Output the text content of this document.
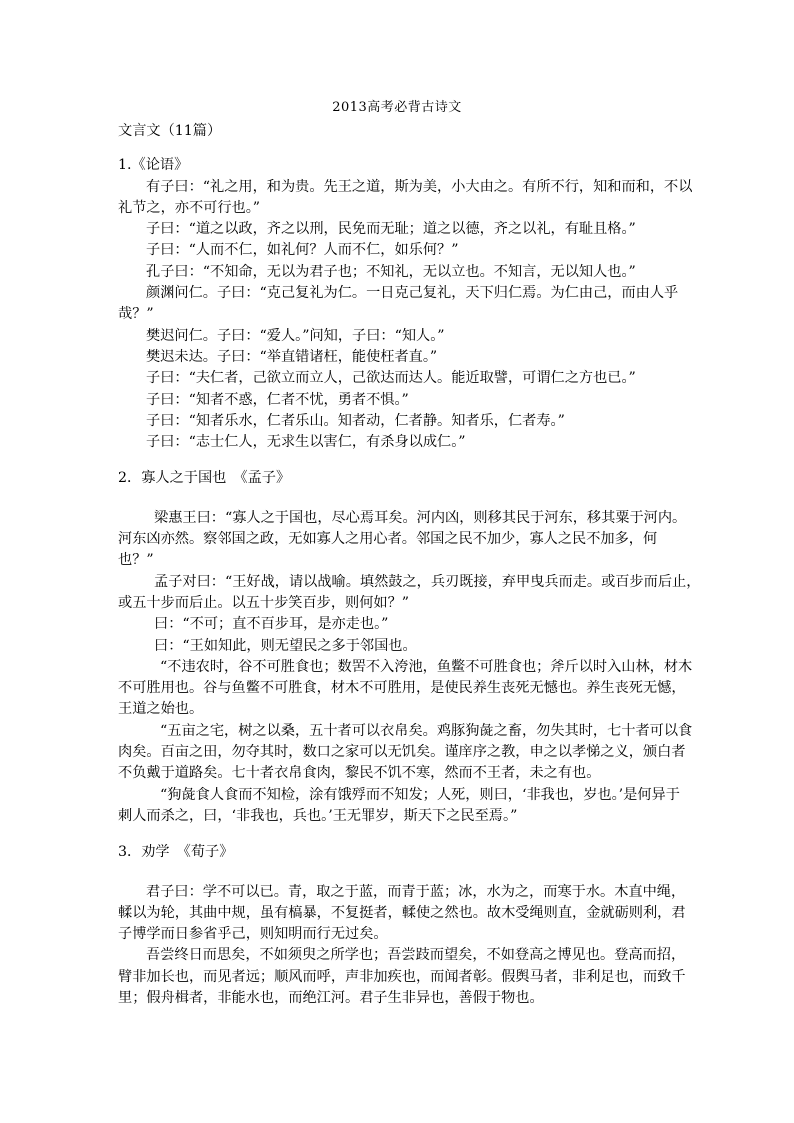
2013高考必背古诗文
文言文（11篇）
1.《论语》
有子曰：“礼之用，和为贵。先王之道，斯为美，小大由之。有所不行，知和而和，不以
礼节之，亦不可行也。”
子曰：“道之以政，齐之以刑，民免而无耻；道之以德，齐之以礼，有耻且格。”
子曰：“人而不仁，如礼何？人而不仁，如乐何？”
孔子曰：“不知命，无以为君子也；不知礼，无以立也。不知言，无以知人也。”
颜渊问仁。子曰：“克己复礼为仁。一日克己复礼，天下归仁焉。为仁由己，而由人乎
哉？”
樊迟问仁。子曰：“爱人。”问知，子曰：“知人。”
樊迟未达。子曰：“举直错诸枉，能使枉者直。”
子曰：“夫仁者，己欲立而立人，己欲达而达人。能近取譬，可谓仁之方也已。”
子曰：“知者不惑，仁者不忧，勇者不惧。”
子曰：“知者乐水，仁者乐山。知者动，仁者静。知者乐，仁者寿。”
子曰：“志士仁人，无求生以害仁，有杀身以成仁。”
2．寡人之于国也　《孟子》
梁惠王曰：“寡人之于国也，尽心焉耳矣。河内凶，则移其民于河东，移其粟于河内。
河东凶亦然。察邻国之政，无如寡人之用心者。邻国之民不加少，寡人之民不加多，何
也？”
孟子对曰：“王好战，请以战喻。填然鼓之，兵刃既接，弃甲曳兵而走。或百步而后止，
或五十步而后止。以五十步笑百步，则何如？”
曰：“不可；直不百步耳，是亦走也。”
曰：“王如知此，则无望民之多于邻国也。
“不违农时，谷不可胜食也；数罟不入洿池，鱼鳖不可胜食也；斧斤以时入山林，材木
不可胜用也。谷与鱼鳖不可胜食，材木不可胜用，是使民养生丧死无憾也。养生丧死无憾，
王道之始也。
“五亩之宅，树之以桑，五十者可以衣帛矣。鸡豚狗彘之畜，勿失其时，七十者可以食
肉矣。百亩之田，勿夺其时，数口之家可以无饥矣。谨庠序之教，申之以孝悌之义，颁白者
不负戴于道路矣。七十者衣帛食肉，黎民不饥不寒，然而不王者，未之有也。
“狗彘食人食而不知检，涂有饿殍而不知发；人死，则曰，‘非我也，岁也。’是何异于
刺人而杀之，曰，‘非我也，兵也。’王无罪岁，斯天下之民至焉。”
3．劝学　《荀子》
君子曰：学不可以已。青，取之于蓝，而青于蓝；冰，水为之，而寒于水。木直中绳，
輮以为轮，其曲中规，虽有槁暴，不复挺者，輮使之然也。故木受绳则直，金就砺则利，君
子博学而日参省乎己，则知明而行无过矣。
吾尝终日而思矣，不如须臾之所学也；吾尝跂而望矣，不如登高之博见也。登高而招，
臂非加长也，而见者远；顺风而呼，声非加疾也，而闻者彰。假舆马者，非利足也，而致千
里；假舟楫者，非能水也，而绝江河。君子生非异也，善假于物也。
